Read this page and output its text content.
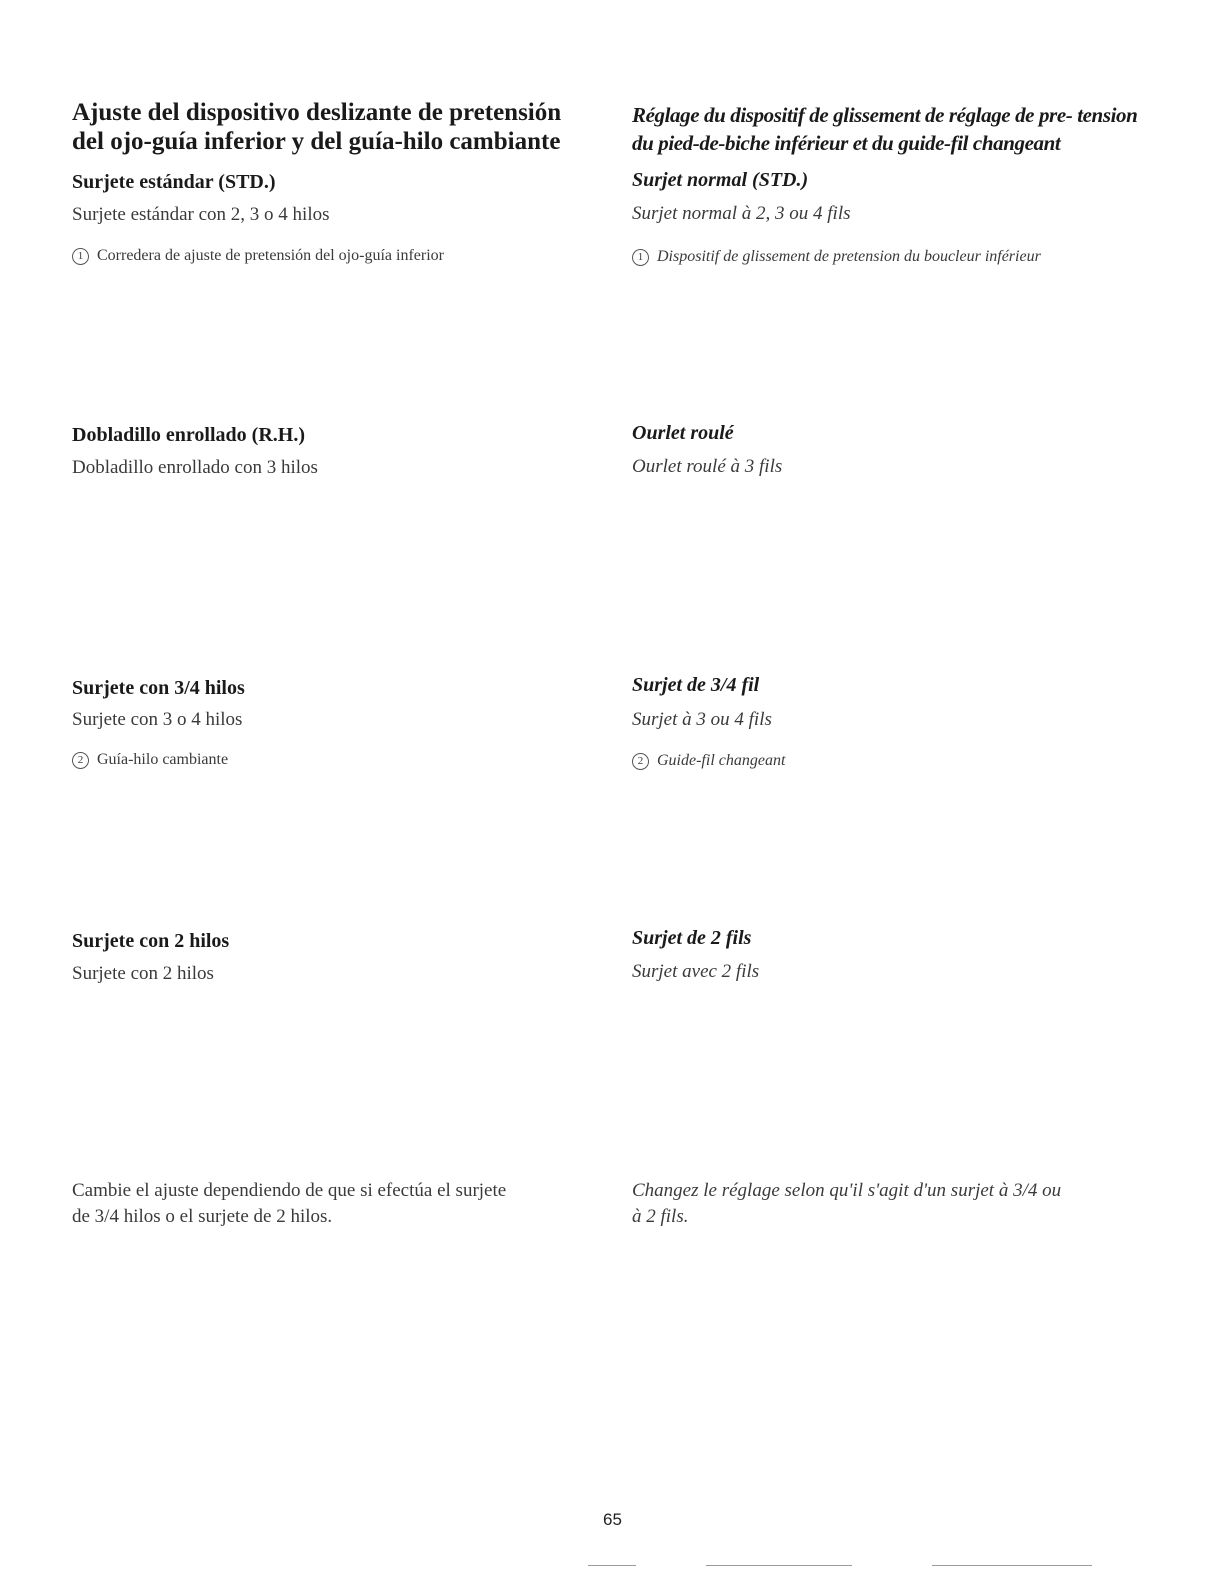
Ajuste del dispositivo deslizante de pretensión
del ojo-guía inferior y del guía-hilo cambiante
Surjete estándar (STD.)
Surjete estándar con 2, 3 o 4 hilos
1 Corredera de ajuste de pretensión del ojo-guía inferior
Dobladillo enrollado (R.H.)
Dobladillo enrollado con 3 hilos
Surjete con 3/4 hilos
Surjete con 3 o 4 hilos
2 Guía-hilo cambiante
Surjete con 2 hilos
Surjete con 2 hilos
Cambie el ajuste dependiendo de que si efectúa el surjete
de 3/4 hilos o el surjete de 2 hilos.
Réglage du dispositif de glissement de réglage de pre- tension
du pied-de-biche inférieur et du guide-fil changeant
Surjet normal (STD.)
Surjet normal à 2, 3 ou 4 fils
1 Dispositif de glissement de pretension du boucleur inférieur
Ourlet roulé
Ourlet roulé à 3 fils
Surjet de 3/4 fil
Surjet à 3 ou 4 fils
2 Guide-fil changeant
Surjet de 2 fils
Surjet avec 2 fils
Changez le réglage selon qu'il s'agit d'un surjet à 3/4 ou
à 2 fils.
65
